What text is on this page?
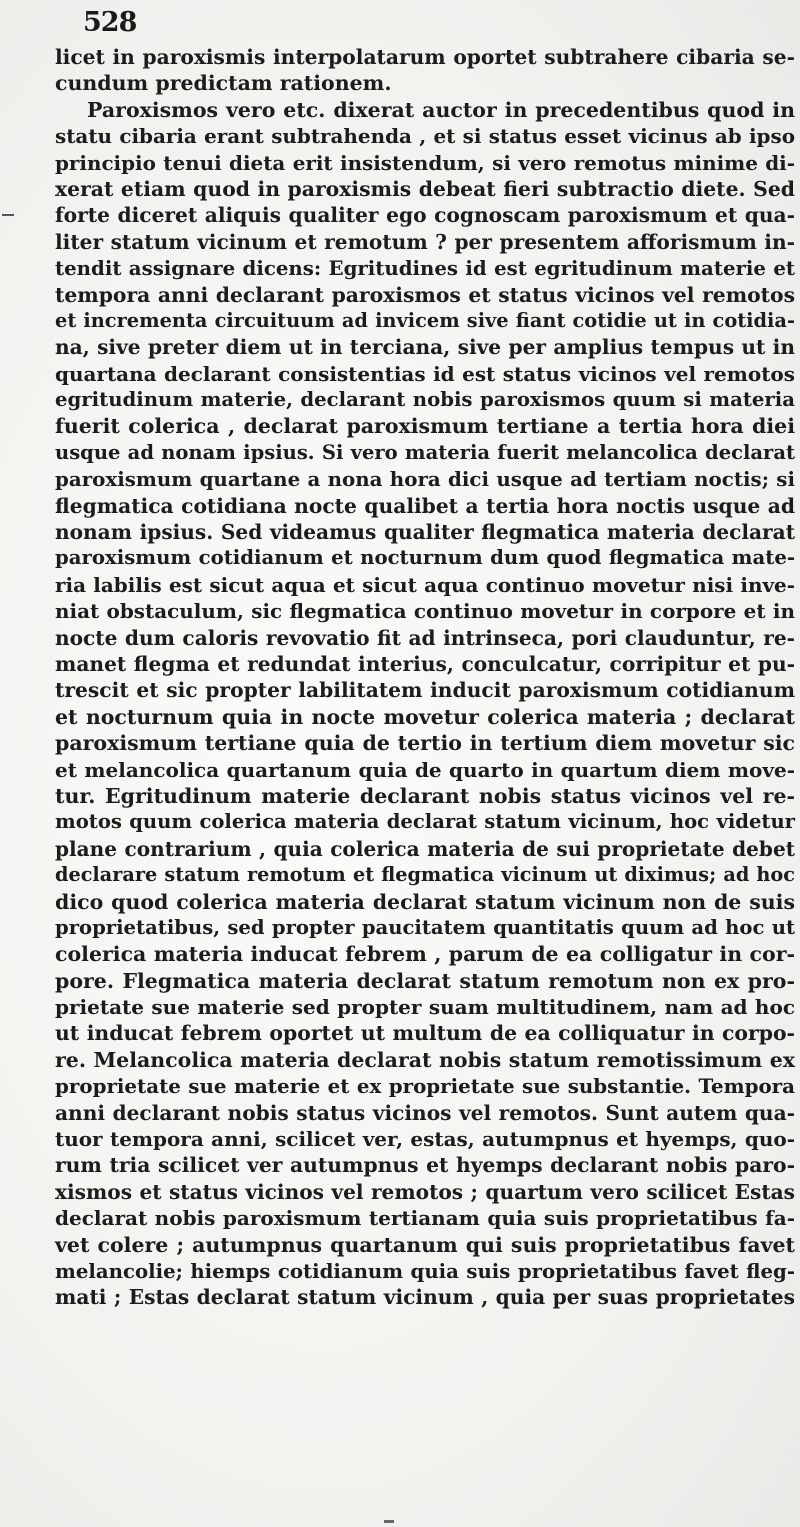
528
licet in paroxismis interpolatarum oportet subtrahere cibaria se-
cundum predictam rationem.
Paroxismos vero etc. dixerat auctor in precedentibus quod in
statu cibaria erant subtrahenda , et si status esset vicinus ab ipso
principio tenui dieta erit insistendum, si vero remotus minime di-
xerat etiam quod in paroxismis debeat fieri subtractio diete. Sed
forte diceret aliquis qualiter ego cognoscam paroxismum et qua-
liter statum vicinum et remotum ? per presentem afforismum in-
tendit assignare dicens: Egritudines id est egritudinum materie et
tempora anni declarant paroxismos et status vicinos vel remotos
et incrementa circuituum ad invicem sive fiant cotidie ut in cotidia-
na, sive preter diem ut in terciana, sive per amplius tempus ut in
quartana declarant consistentias id est status vicinos vel remotos
egritudinum materie, declarant nobis paroxismos quum si materia
fuerit colerica , declarat paroxismum tertiane a tertia hora diei
usque ad nonam ipsius. Si vero materia fuerit melancolica declarat
paroxismum quartane a nona hora dici usque ad tertiam noctis; si
flegmatica cotidiana nocte qualibet a tertia hora noctis usque ad
nonam ipsius. Sed videamus qualiter flegmatica materia declarat
paroxismum cotidianum et nocturnum dum quod flegmatica mate-
ria labilis est sicut aqua et sicut aqua continuo movetur nisi inve-
niat obstaculum, sic flegmatica continuo movetur in corpore et in
nocte dum caloris revovatio fit ad intrinseca, pori clauduntur, re-
manet flegma et redundat interius, conculcatur, corripitur et pu-
trescit et sic propter labilitatem inducit paroxismum cotidianum
et nocturnum quia in nocte movetur colerica materia ; declarat
paroxismum tertiane quia de tertio in tertium diem movetur sic
et melancolica quartanum quia de quarto in quartum diem move-
tur. Egritudinum materie declarant nobis status vicinos vel re-
motos quum colerica materia declarat statum vicinum, hoc videtur
plane contrarium , quia colerica materia de sui proprietate debet
declarare statum remotum et flegmatica vicinum ut diximus; ad hoc
dico quod colerica materia declarat statum vicinum non de suis
proprietatibus, sed propter paucitatem quantitatis quum ad hoc ut
colerica materia inducat febrem , parum de ea colligatur in cor-
pore. Flegmatica materia declarat statum remotum non ex pro-
prietate sue materie sed propter suam multitudinem, nam ad hoc
ut inducat febrem oportet ut multum de ea colliquatur in corpo-
re. Melancolica materia declarat nobis statum remotissimum ex
proprietate sue materie et ex proprietate sue substantie. Tempora
anni declarant nobis status vicinos vel remotos. Sunt autem qua-
tuor tempora anni, scilicet ver, estas, autumpnus et hyemps, quo-
rum tria scilicet ver autumpnus et hyemps declarant nobis paro-
xismos et status vicinos vel remotos ; quartum vero scilicet Estas
declarat nobis paroxismum tertianam quia suis proprietatibus fa-
vet colere ; autumpnus quartanum qui suis proprietatibus favet
melancolie; hiemps cotidianum quia suis proprietatibus favet fleg-
mati ; Estas declarat statum vicinum , quia per suas proprietates
